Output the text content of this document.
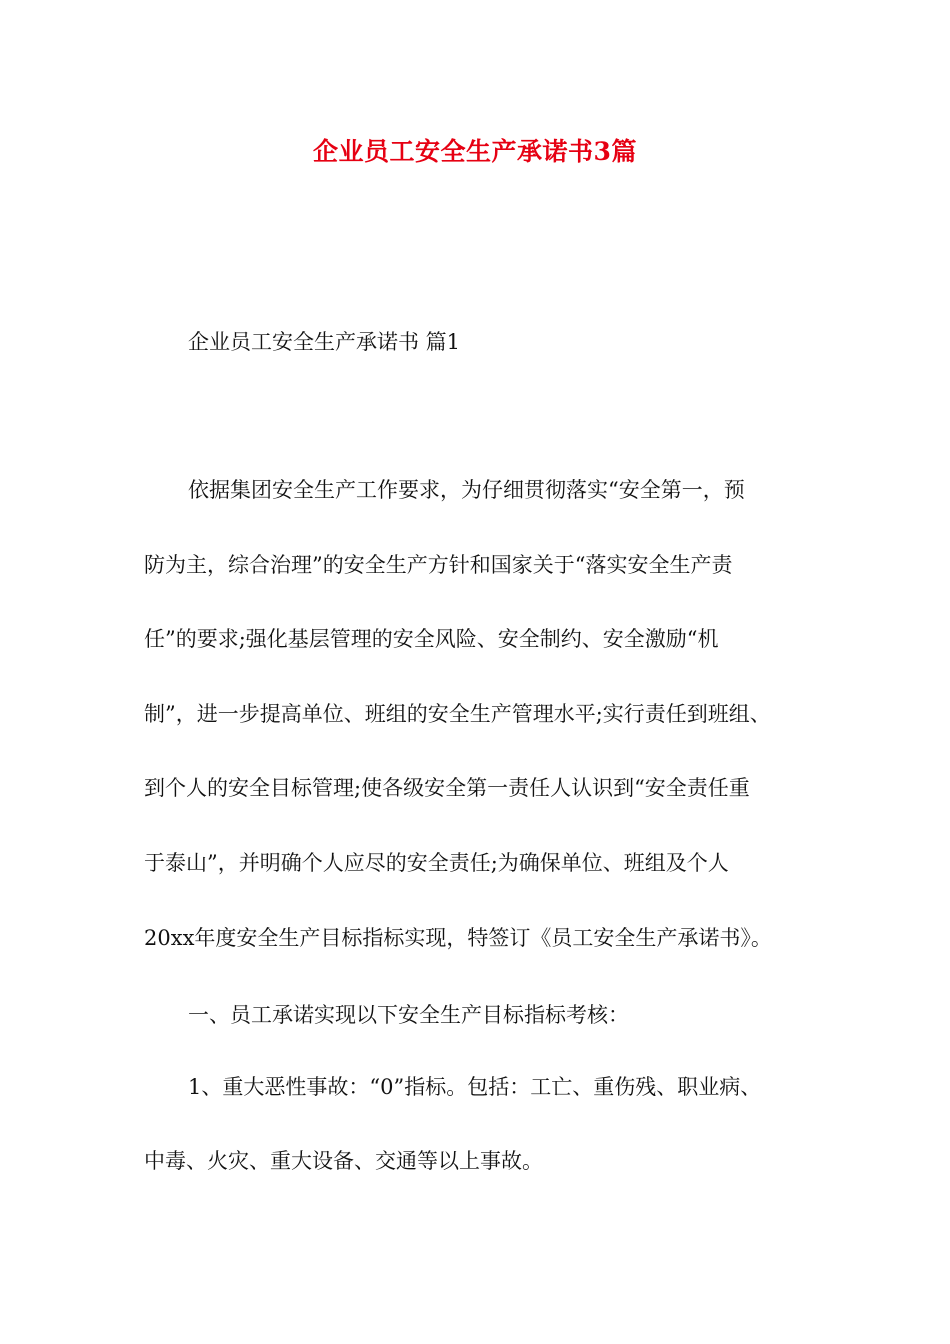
企业员工安全生产承诺书3篇

企业员工安全生产承诺书 篇1

依据集团安全生产工作要求，为仔细贯彻落实“安全第一，预
防为主，综合治理”的安全生产方针和国家关于“落实安全生产责
任”的要求;强化基层管理的安全风险、安全制约、安全激励“机
制”，进一步提高单位、班组的安全生产管理水平;实行责任到班组、
到个人的安全目标管理;使各级安全第一责任人认识到“安全责任重
于泰山”，并明确个人应尽的安全责任;为确保单位、班组及个人
20xx年度安全生产目标指标实现，特签订《员工安全生产承诺书》。
一、员工承诺实现以下安全生产目标指标考核：
1、重大恶性事故：“0”指标。包括：工亡、重伤残、职业病、
中毒、火灾、重大设备、交通等以上事故。
